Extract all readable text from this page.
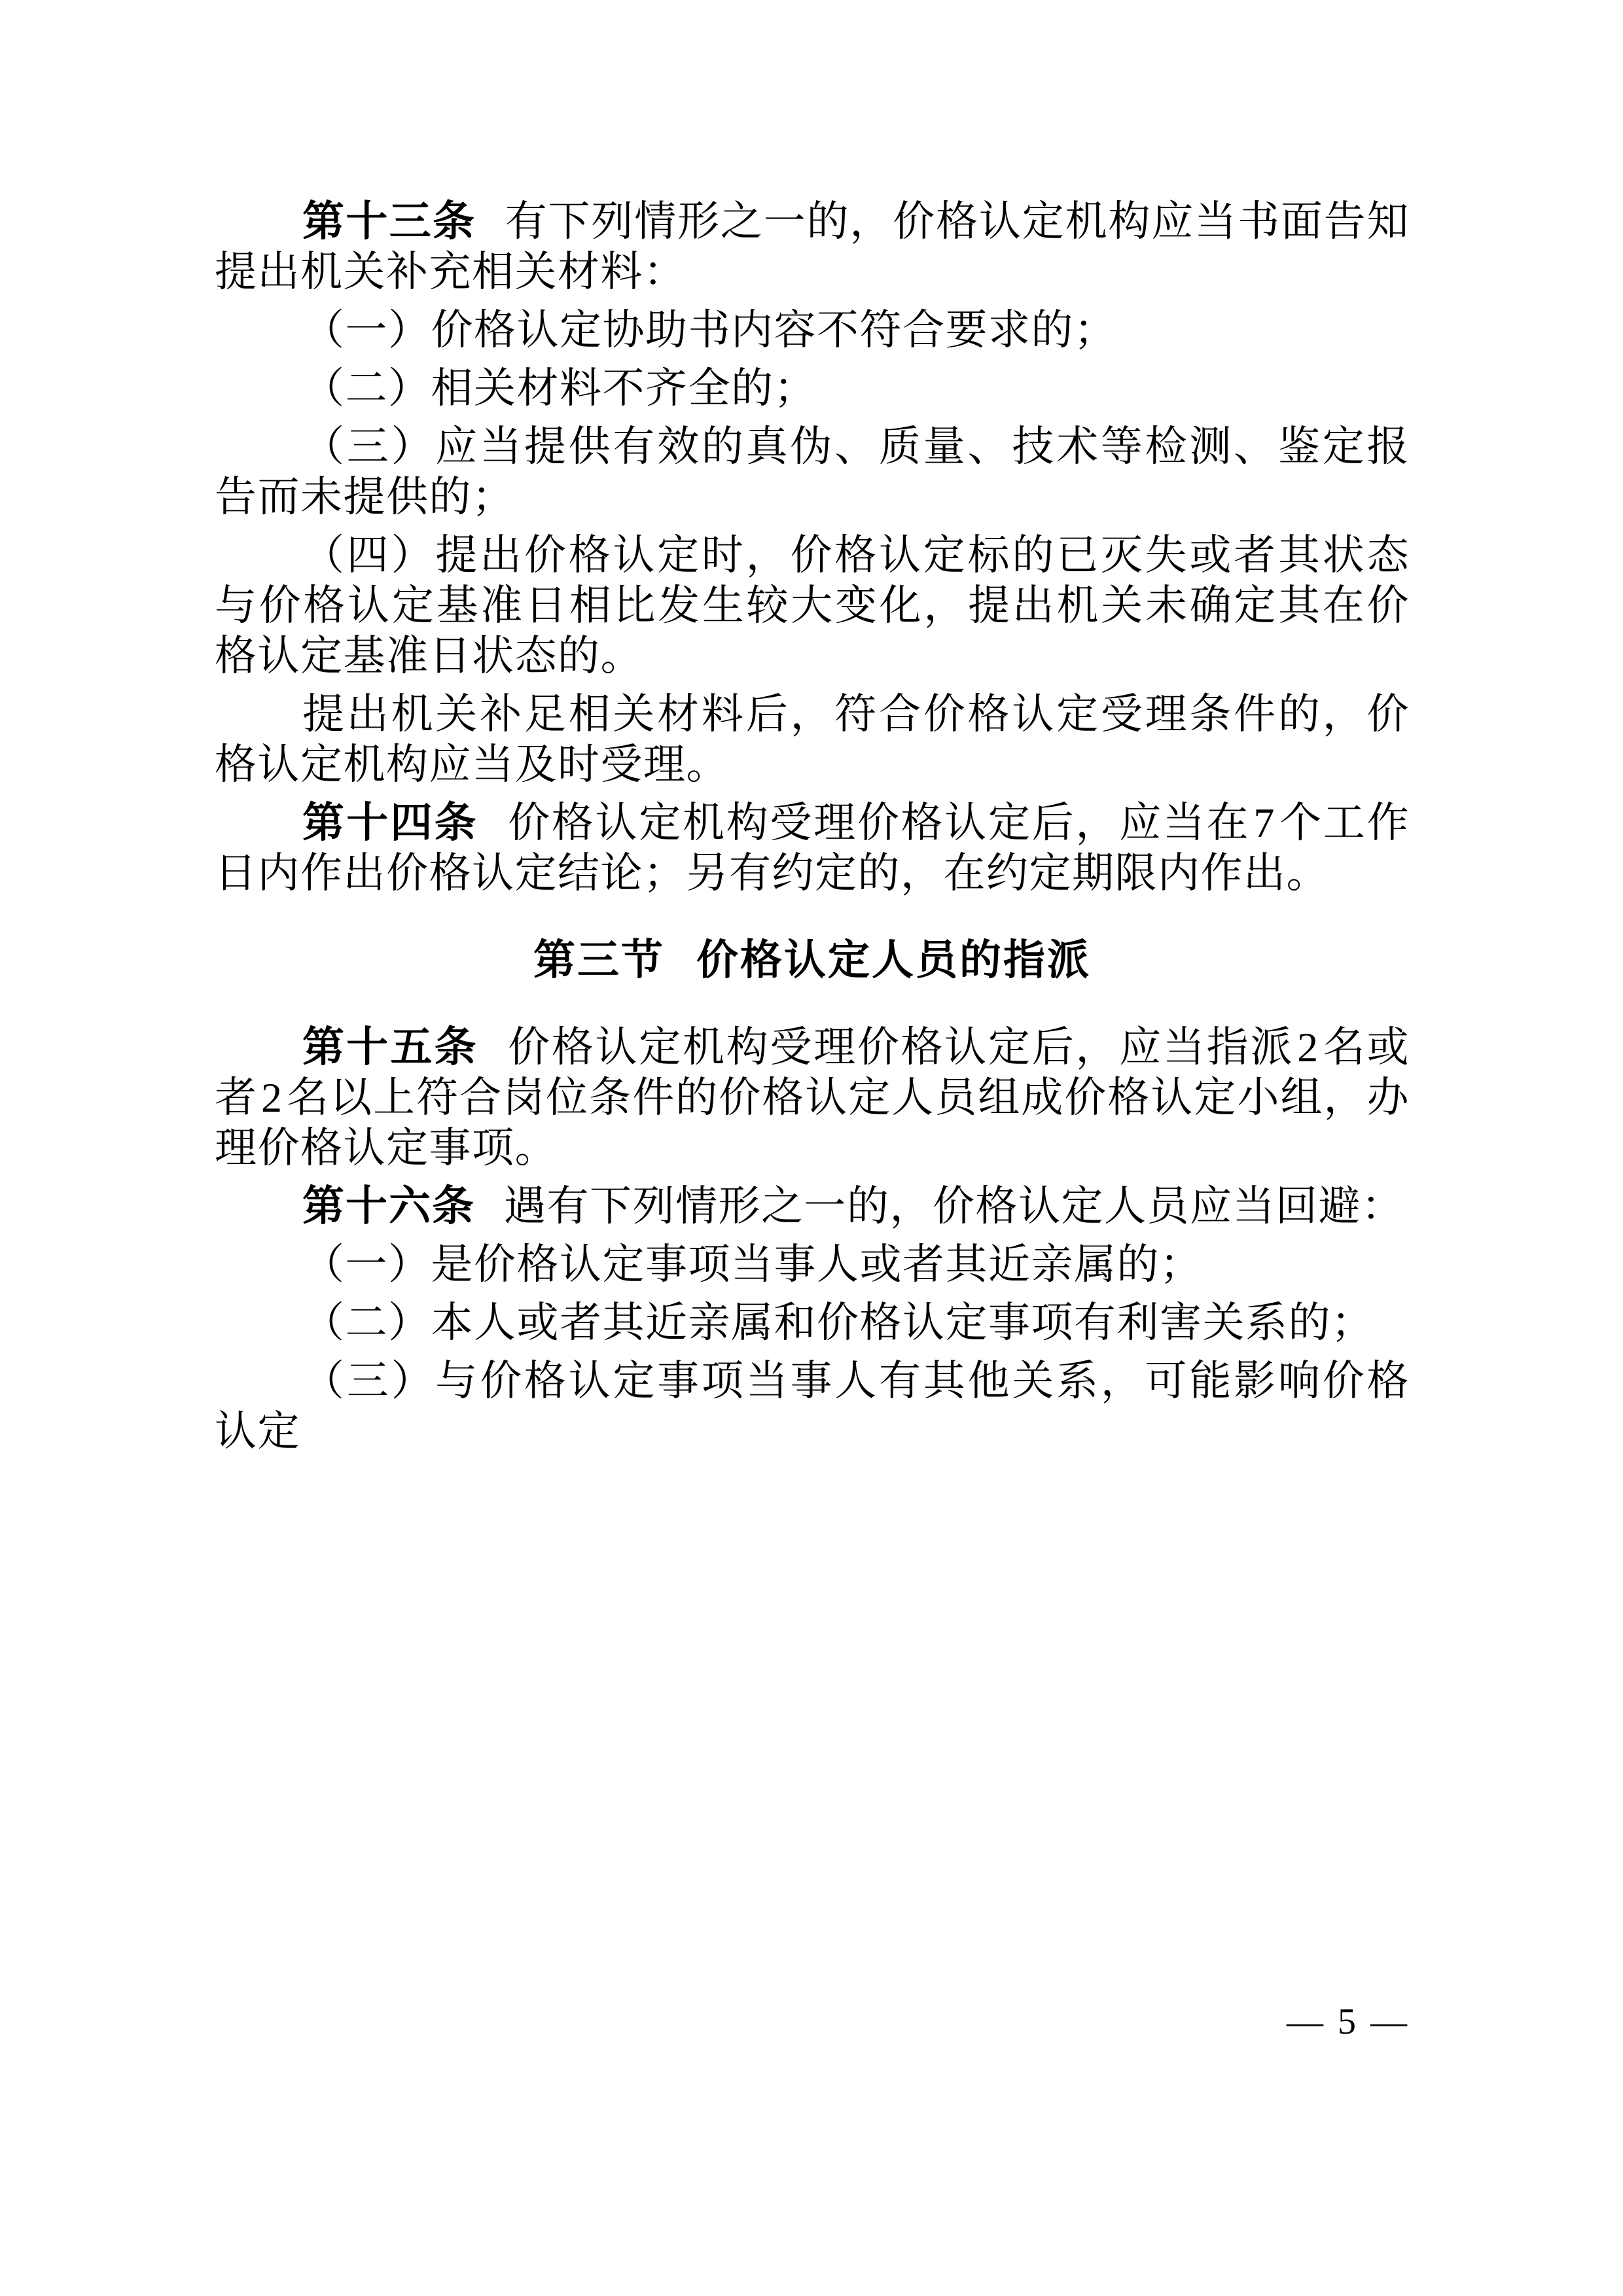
第十三条 有下列情形之一的，价格认定机构应当书面告知提出机关补充相关材料：

（一）价格认定协助书内容不符合要求的；

（二）相关材料不齐全的；

（三）应当提供有效的真伪、质量、技术等检测、鉴定报告而未提供的；

（四）提出价格认定时，价格认定标的已灭失或者其状态与价格认定基准日相比发生较大变化，提出机关未确定其在价格认定基准日状态的。

提出机关补足相关材料后，符合价格认定受理条件的，价格认定机构应当及时受理。

第十四条 价格认定机构受理价格认定后，应当在7个工作日内作出价格认定结论；另有约定的，在约定期限内作出。

第三节 价格认定人员的指派

第十五条 价格认定机构受理价格认定后，应当指派2名或者2名以上符合岗位条件的价格认定人员组成价格认定小组，办理价格认定事项。

第十六条 遇有下列情形之一的，价格认定人员应当回避：

（一）是价格认定事项当事人或者其近亲属的；

（二）本人或者其近亲属和价格认定事项有利害关系的；

（三）与价格认定事项当事人有其他关系，可能影响价格认定

— 5 —
